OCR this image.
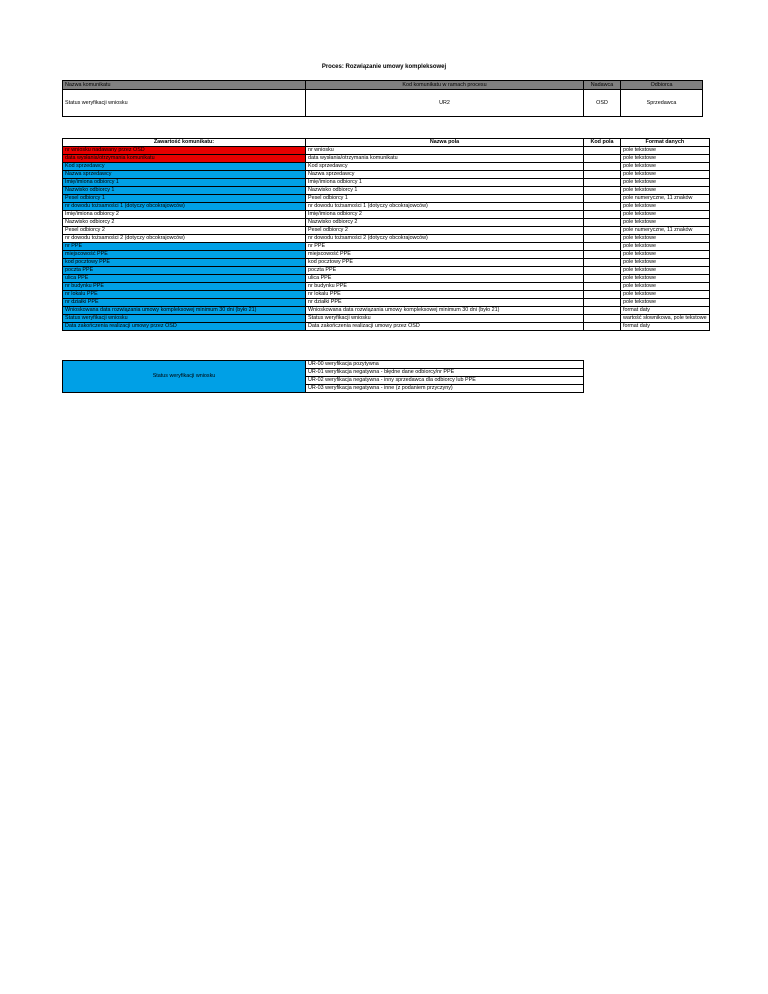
Proces: Rozwiązanie umowy kompleksowej
Nazwa komunikatu	Kod komunikatu w ramach procesu	Nadawca	Odbiorca
Status weryfikacji wniosku	UR2	OSD	Sprzedawca
Zawartość komunikatu:	Nazwa pola	Kod pola	Format danych
nr wniosku nadawany przez OSD	nr wniosku		pole tekstowe
data wysłania/otrzymania komunikatu	data wysłania/otrzymania komunikatu		pole tekstowe
Kod sprzedawcy	Kod sprzedawcy		pole tekstowe
Nazwa sprzedawcy	Nazwa sprzedawcy		pole tekstowe
Imię/imiona odbiorcy 1	Imię/imiona odbiorcy 1		pole tekstowe
Nazwisko odbiorcy 1	Nazwisko odbiorcy 1		pole tekstowe
Pesel odbiorcy 1	Pesel odbiorcy 1		pole numeryczne, 11 znaków
nr dowodu tożsamości 1 (dotyczy obcokrajowców)	nr dowodu tożsamości 1 (dotyczy obcokrajowców)		pole tekstowe
Imię/imiona odbiorcy 2	Imię/imiona odbiorcy 2		pole tekstowe
Nazwisko odbiorcy 2	Nazwisko odbiorcy 2		pole tekstowe
Pesel odbiorcy 2	Pesel odbiorcy 2		pole numeryczne, 11 znaków
nr dowodu tożsamości 2 (dotyczy obcokrajowców)	nr dowodu tożsamości 2 (dotyczy obcokrajowców)		pole tekstowe
nr PPE	nr PPE		pole tekstowe
miejscowość PPE	miejscowość PPE		pole tekstowe
kod pocztowy PPE	kod pocztowy PPE		pole tekstowe
poczta PPE	poczta PPE		pole tekstowe
ulica PPE	ulica PPE		pole tekstowe
nr budynku PPE	nr budynku PPE		pole tekstowe
nr lokalu PPE	nr lokalu PPE		pole tekstowe
nr działki PPE	nr działki PPE		pole tekstowe
Wnioskowana data rozwiązania umowy kompleksowej minimum 30 dni (było 21)	Wnioskowana data rozwiązania umowy kompleksowej minimum 30 dni (było 21)		format daty
Status weryfikacji wniosku	Status weryfikacji wniosku		wartość słownikowa, pole tekstowe
Data zakończenia realizacji umowy przez OSD	Data zakończenia realizacji umowy przez OSD		format daty
Status weryfikacji wniosku	UR-00 weryfikacja pozytywna
UR-01 weryfikacja negatywna - błędne dane odbiorcy/nr PPE
UR-02 weryfikacja negatywna - inny sprzedawca dla odbiorcy lub PPE
UR-03 weryfikacja negatywna - inne (z podaniem przyczyny)
